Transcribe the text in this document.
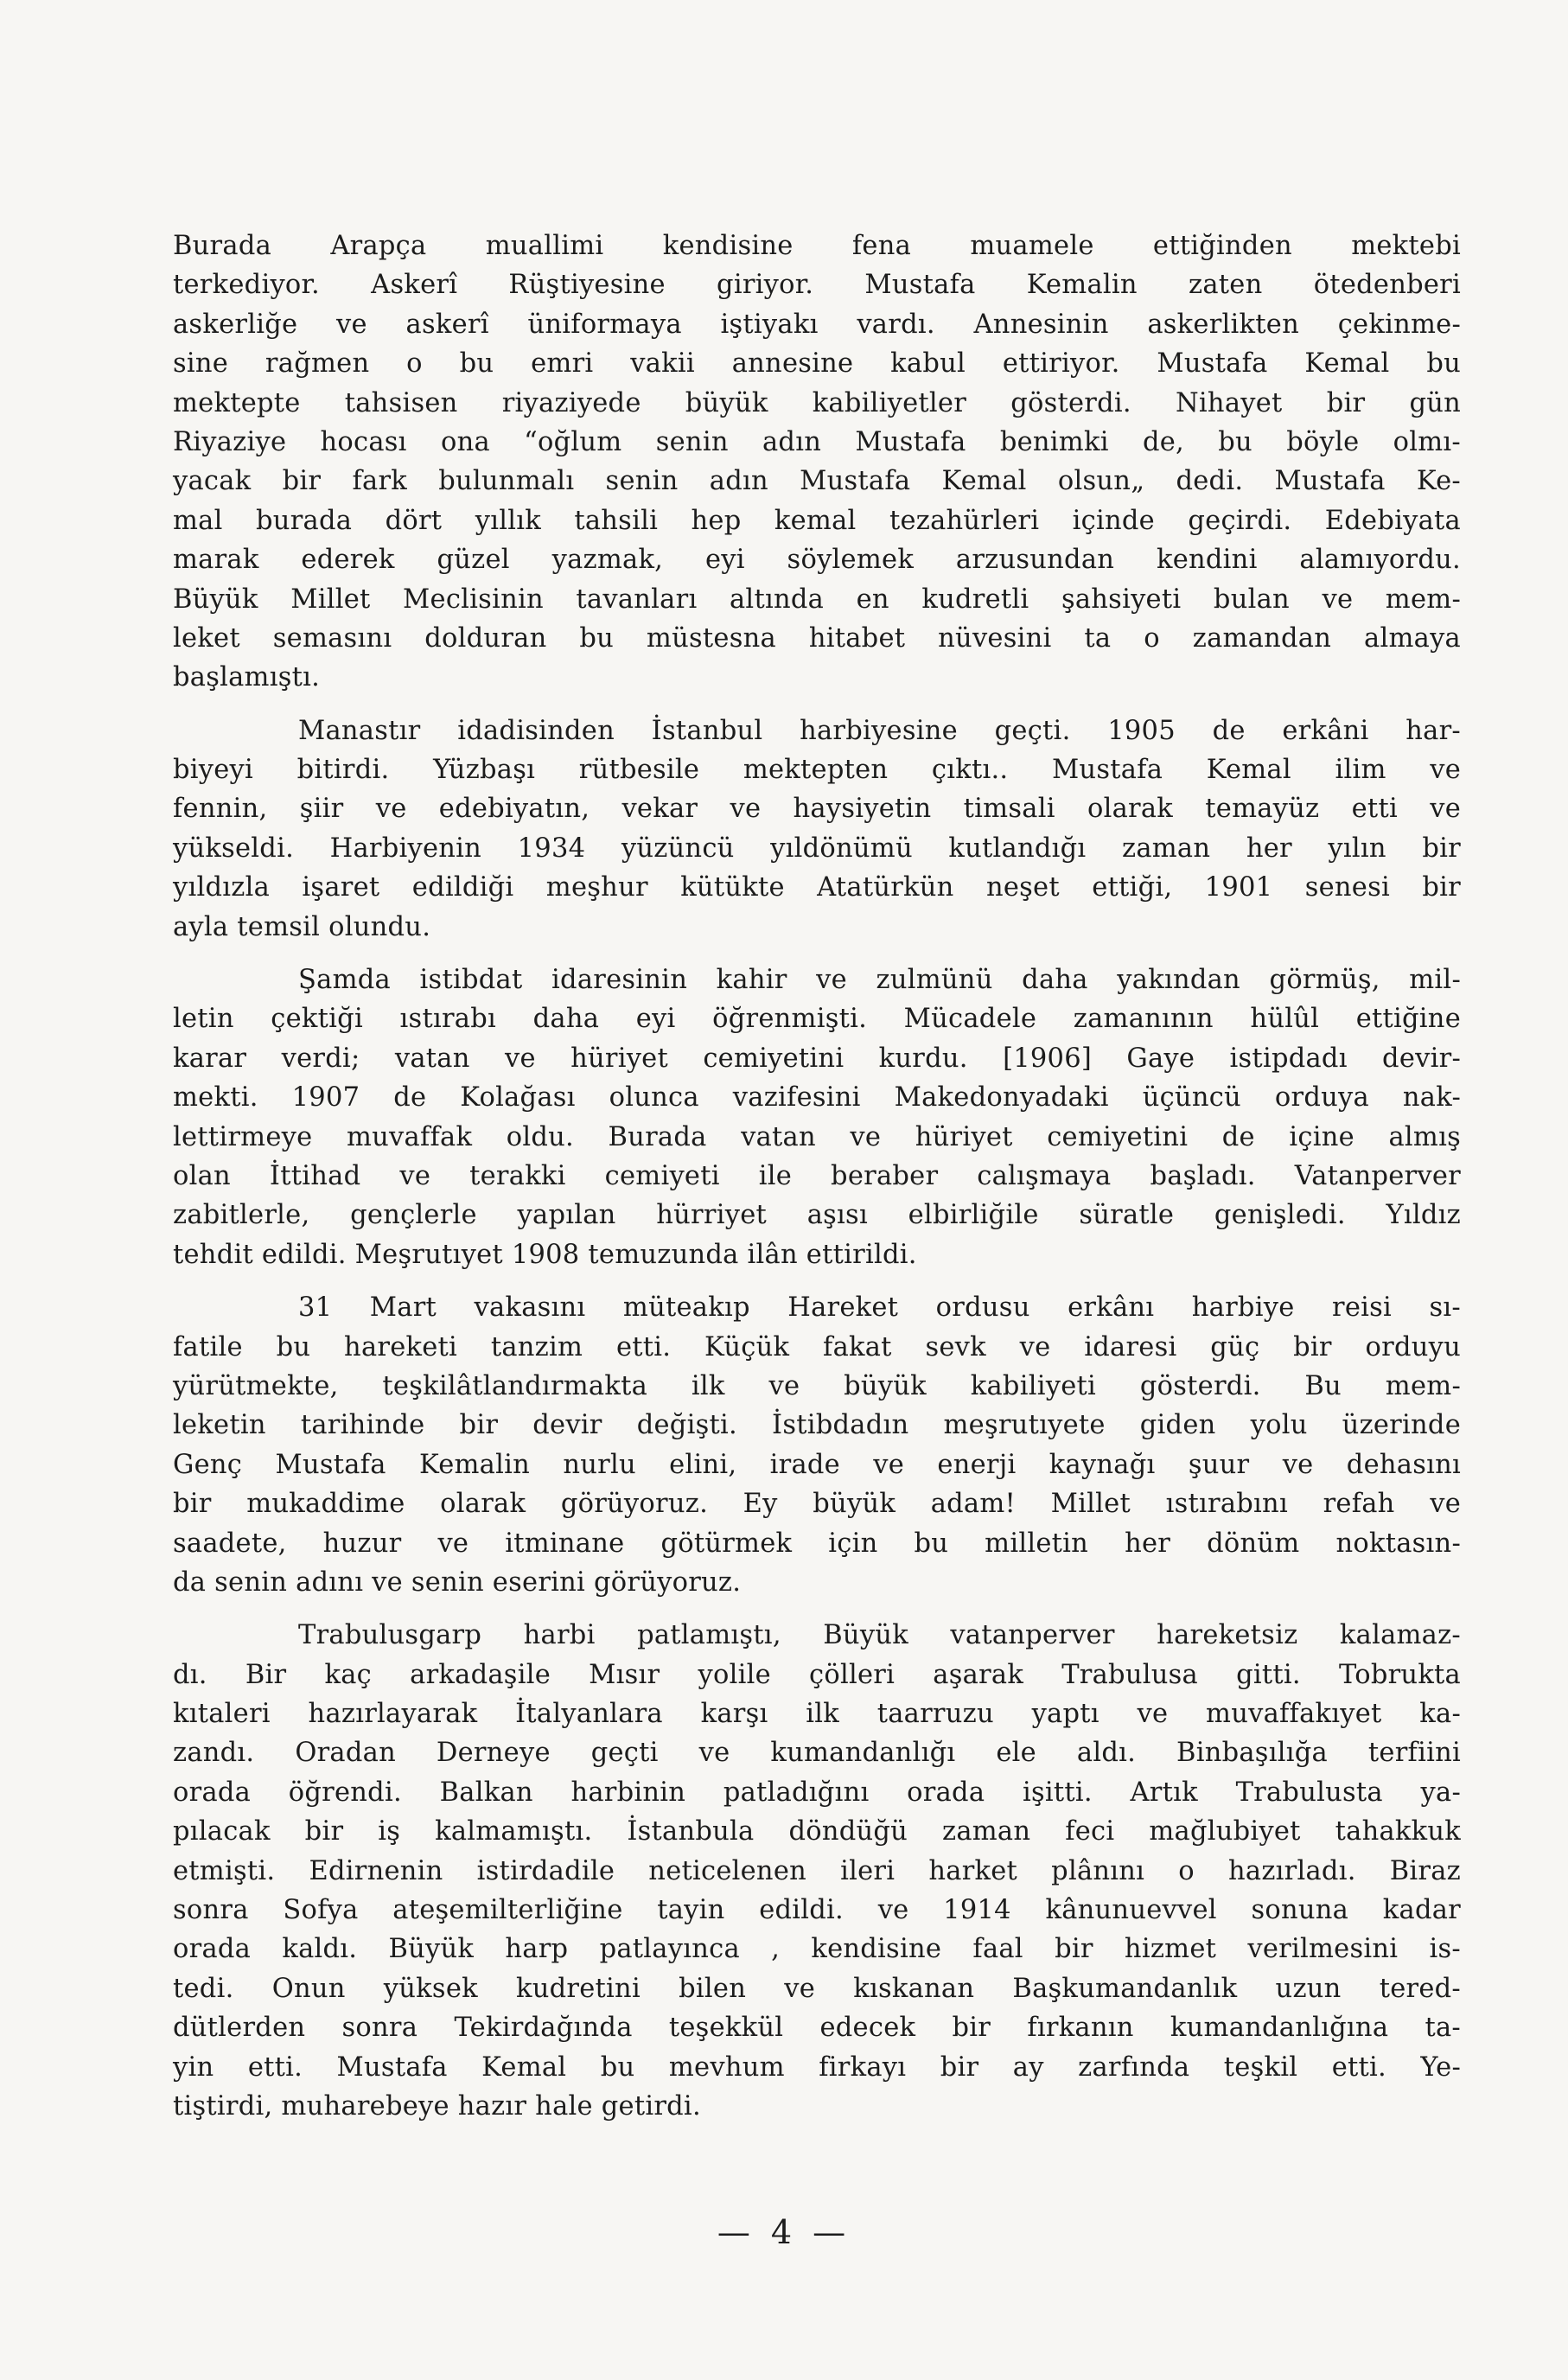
Burada Arapça muallimi kendisine fena muamele ettiğinden mektebi
terkediyor. Askerî Rüştiyesine giriyor. Mustafa Kemalin zaten ötedenberi
askerliğe ve askerî üniformaya iştiyakı vardı. Annesinin askerlikten çekinme-
sine rağmen o bu emri vakii annesine kabul ettiriyor. Mustafa Kemal bu
mektepte tahsisen riyaziyede büyük kabiliyetler gösterdi. Nihayet bir gün
Riyaziye hocası ona “oğlum senin adın Mustafa benimki de, bu böyle olmı-
yacak bir fark bulunmalı senin adın Mustafa Kemal olsun„ dedi. Mustafa Ke-
mal burada dört yıllık tahsili hep kemal tezahürleri içinde geçirdi. Edebiyata
marak ederek güzel yazmak, eyi söylemek arzusundan kendini alamıyordu.
Büyük Millet Meclisinin tavanları altında en kudretli şahsiyeti bulan ve mem-
leket semasını dolduran bu müstesna hitabet nüvesini ta o zamandan almaya
başlamıştı.
Manastır idadisinden İstanbul harbiyesine geçti. 1905 de erkâni har-
biyeyi bitirdi. Yüzbaşı rütbesile mektepten çıktı.. Mustafa Kemal ilim ve
fennin, şiir ve edebiyatın, vekar ve haysiyetin timsali olarak temayüz etti ve
yükseldi. Harbiyenin 1934 yüzüncü yıldönümü kutlandığı zaman her yılın bir
yıldızla işaret edildiği meşhur kütükte Atatürkün neşet ettiği, 1901 senesi bir
ayla temsil olundu.
Şamda istibdat idaresinin kahir ve zulmünü daha yakından görmüş, mil-
letin çektiği ıstırabı daha eyi öğrenmişti. Mücadele zamanının hülûl ettiğine
karar verdi; vatan ve hüriyet cemiyetini kurdu. [1906] Gaye istipdadı devir-
mekti. 1907 de Kolağası olunca vazifesini Makedonyadaki üçüncü orduya nak-
lettirmeye muvaffak oldu. Burada vatan ve hüriyet cemiyetini de içine almış
olan İttihad ve terakki cemiyeti ile beraber calışmaya başladı. Vatanperver
zabitlerle, gençlerle yapılan hürriyet aşısı elbirliğile süratle genişledi. Yıldız
tehdit edildi. Meşrutıyet 1908 temuzunda ilân ettirildi.
31 Mart vakasını müteakıp Hareket ordusu erkânı harbiye reisi sı-
fatile bu hareketi tanzim etti. Küçük fakat sevk ve idaresi güç bir orduyu
yürütmekte, teşkilâtlandırmakta ilk ve büyük kabiliyeti gösterdi. Bu mem-
leketin tarihinde bir devir değişti. İstibdadın meşrutıyete giden yolu üzerinde
Genç Mustafa Kemalin nurlu elini, irade ve enerji kaynağı şuur ve dehasını
bir mukaddime olarak görüyoruz. Ey büyük adam! Millet ıstırabını refah ve
saadete, huzur ve itminane götürmek için bu milletin her dönüm noktasın-
da senin adını ve senin eserini görüyoruz.
Trabulusgarp harbi patlamıştı, Büyük vatanperver hareketsiz kalamaz-
dı. Bir kaç arkadaşile Mısır yolile çölleri aşarak Trabulusa gitti. Tobrukta
kıtaleri hazırlayarak İtalyanlara karşı ilk taarruzu yaptı ve muvaffakıyet ka-
zandı. Oradan Derneye geçti ve kumandanlığı ele aldı. Binbaşılığa terfiini
orada öğrendi. Balkan harbinin patladığını orada işitti. Artık Trabulusta ya-
pılacak bir iş kalmamıştı. İstanbula döndüğü zaman feci mağlubiyet tahakkuk
etmişti. Edirnenin istirdadile neticelenen ileri harket plânını o hazırladı. Biraz
sonra Sofya ateşemilterliğine tayin edildi. ve 1914 kânunuevvel sonuna kadar
orada kaldı. Büyük harp patlayınca , kendisine faal bir hizmet verilmesini is-
tedi. Onun yüksek kudretini bilen ve kıskanan Başkumandanlık uzun tered-
dütlerden sonra Tekirdağında teşekkül edecek bir fırkanın kumandanlığına ta-
yin etti. Mustafa Kemal bu mevhum firkayı bir ay zarfında teşkil etti. Ye-
tiştirdi, muharebeye hazır hale getirdi.
— 4 —
